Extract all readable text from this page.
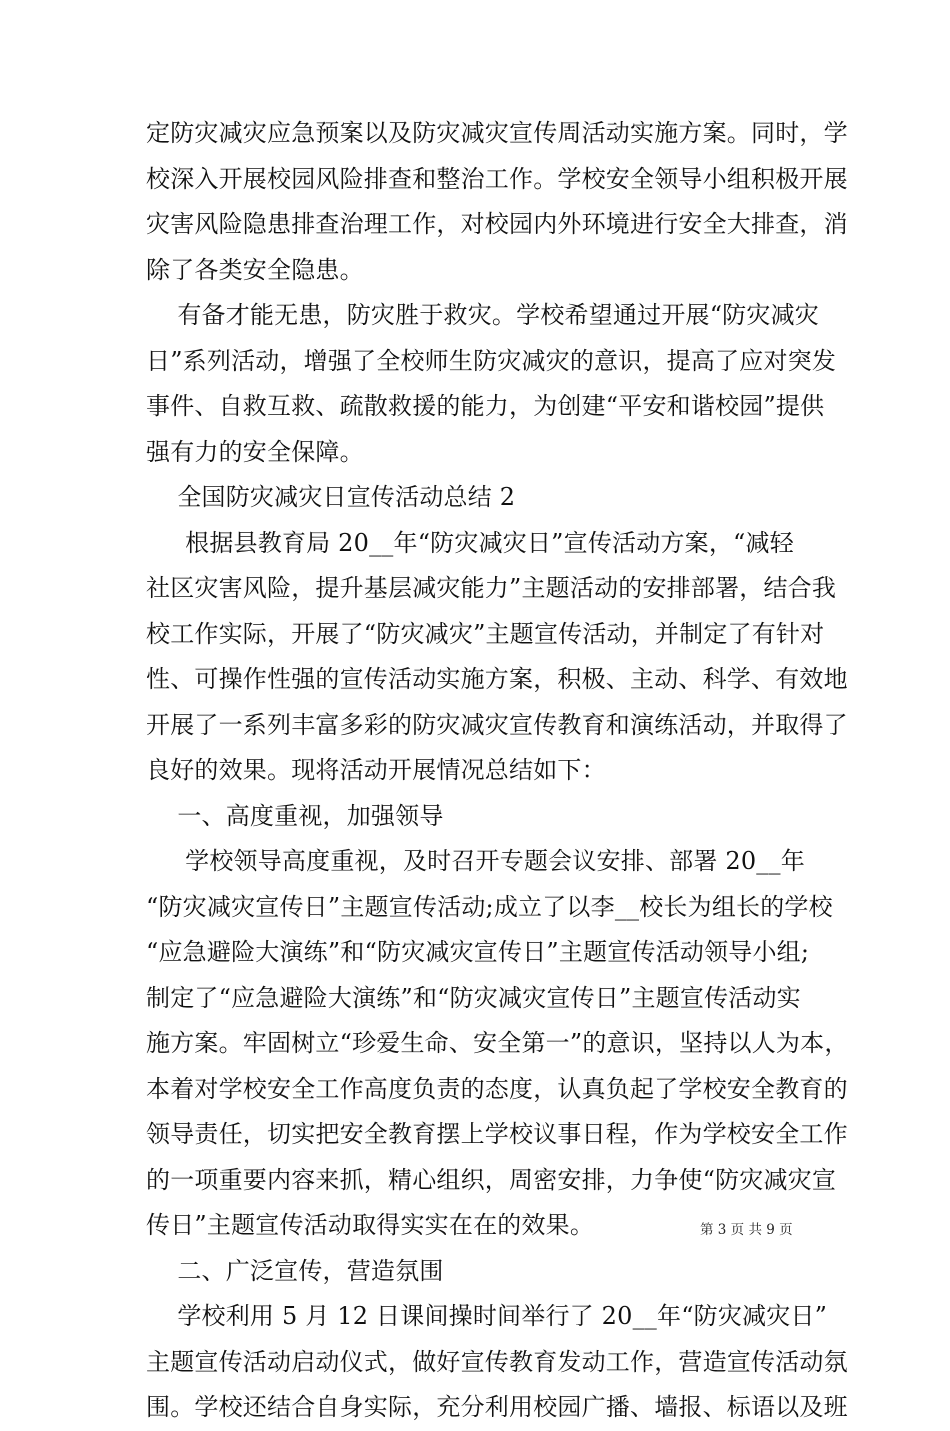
定防灾减灾应急预案以及防灾减灾宣传周活动实施方案。同时，学
校深入开展校园风险排查和整治工作。学校安全领导小组积极开展
灾害风险隐患排查治理工作，对校园内外环境进行安全大排查，消
除了各类安全隐患。
有备才能无患，防灾胜于救灾。学校希望通过开展“防灾减灾
日”系列活动，增强了全校师生防灾减灾的意识，提高了应对突发
事件、自救互救、疏散救援的能力，为创建“平安和谐校园”提供
强有力的安全保障。
全国防灾减灾日宣传活动总结 2
根据县教育局 20__年“防灾减灾日”宣传活动方案，“减轻
社区灾害风险，提升基层减灾能力”主题活动的安排部署，结合我
校工作实际，开展了“防灾减灾”主题宣传活动，并制定了有针对
性、可操作性强的宣传活动实施方案，积极、主动、科学、有效地
开展了一系列丰富多彩的防灾减灾宣传教育和演练活动，并取得了
良好的效果。现将活动开展情况总结如下：
一、高度重视，加强领导
学校领导高度重视，及时召开专题会议安排、部署 20__年
“防灾减灾宣传日”主题宣传活动;成立了以李__校长为组长的学校
“应急避险大演练”和“防灾减灾宣传日”主题宣传活动领导小组;
制定了“应急避险大演练”和“防灾减灾宣传日”主题宣传活动实
施方案。牢固树立“珍爱生命、安全第一”的意识，坚持以人为本，
本着对学校安全工作高度负责的态度，认真负起了学校安全教育的
领导责任，切实把安全教育摆上学校议事日程，作为学校安全工作
的一项重要内容来抓，精心组织，周密安排，力争使“防灾减灾宣
传日”主题宣传活动取得实实在在的效果。
二、广泛宣传，营造氛围
学校利用 5 月 12 日课间操时间举行了 20__年“防灾减灾日”
主题宣传活动启动仪式，做好宣传教育发动工作，营造宣传活动氛
围。学校还结合自身实际，充分利用校园广播、墙报、标语以及班
第 3 页 共 9 页
